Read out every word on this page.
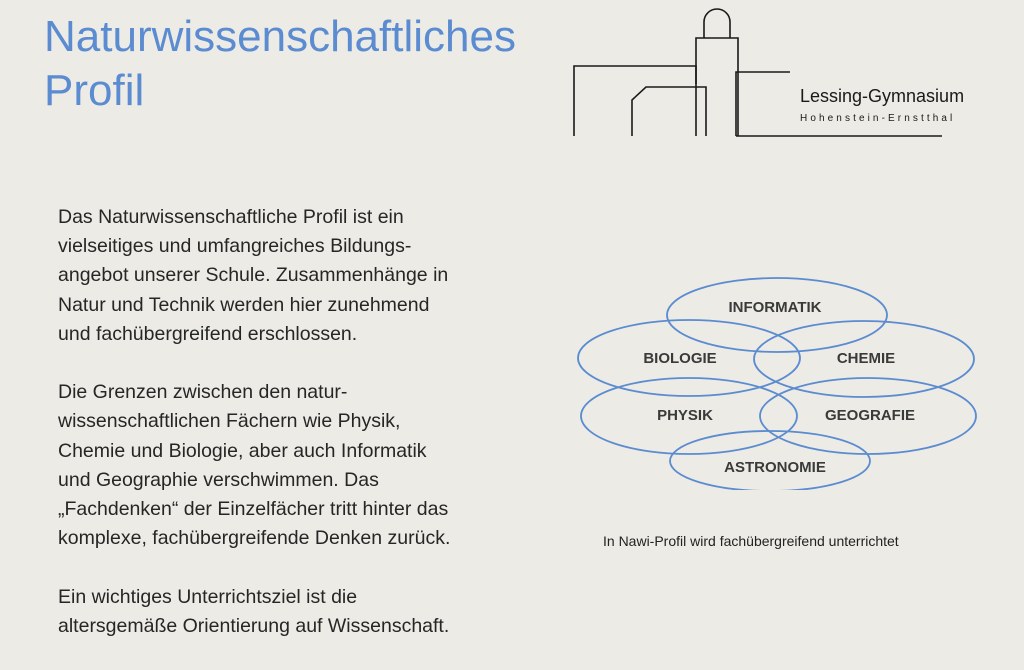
Naturwissenschaftliches
Profil	Lessing-Gymnasium
Hohenstein-Ernstthal

Das Naturwissenschaftliche Profil ist ein
vielseitiges und umfangreiches Bildungs-
angebot unserer Schule. Zusammenhänge in
Natur und Technik werden hier zunehmend
und fachübergreifend erschlossen.

Die Grenzen zwischen den natur-
wissenschaftlichen Fächern wie Physik,
Chemie und Biologie, aber auch Informatik
und Geographie verschwimmen. Das
„Fachdenken“ der Einzelfächer tritt hinter das
komplexe, fachübergreifende Denken zurück.

Ein wichtiges Unterrichtsziel ist die
altersgemäße Orientierung auf Wissenschaft.

INFORMATIK
BIOLOGIE	CHEMIE
PHYSIK	GEOGRAFIE
ASTRONOMIE
In Nawi-Profil wird fachübergreifend unterrichtet
